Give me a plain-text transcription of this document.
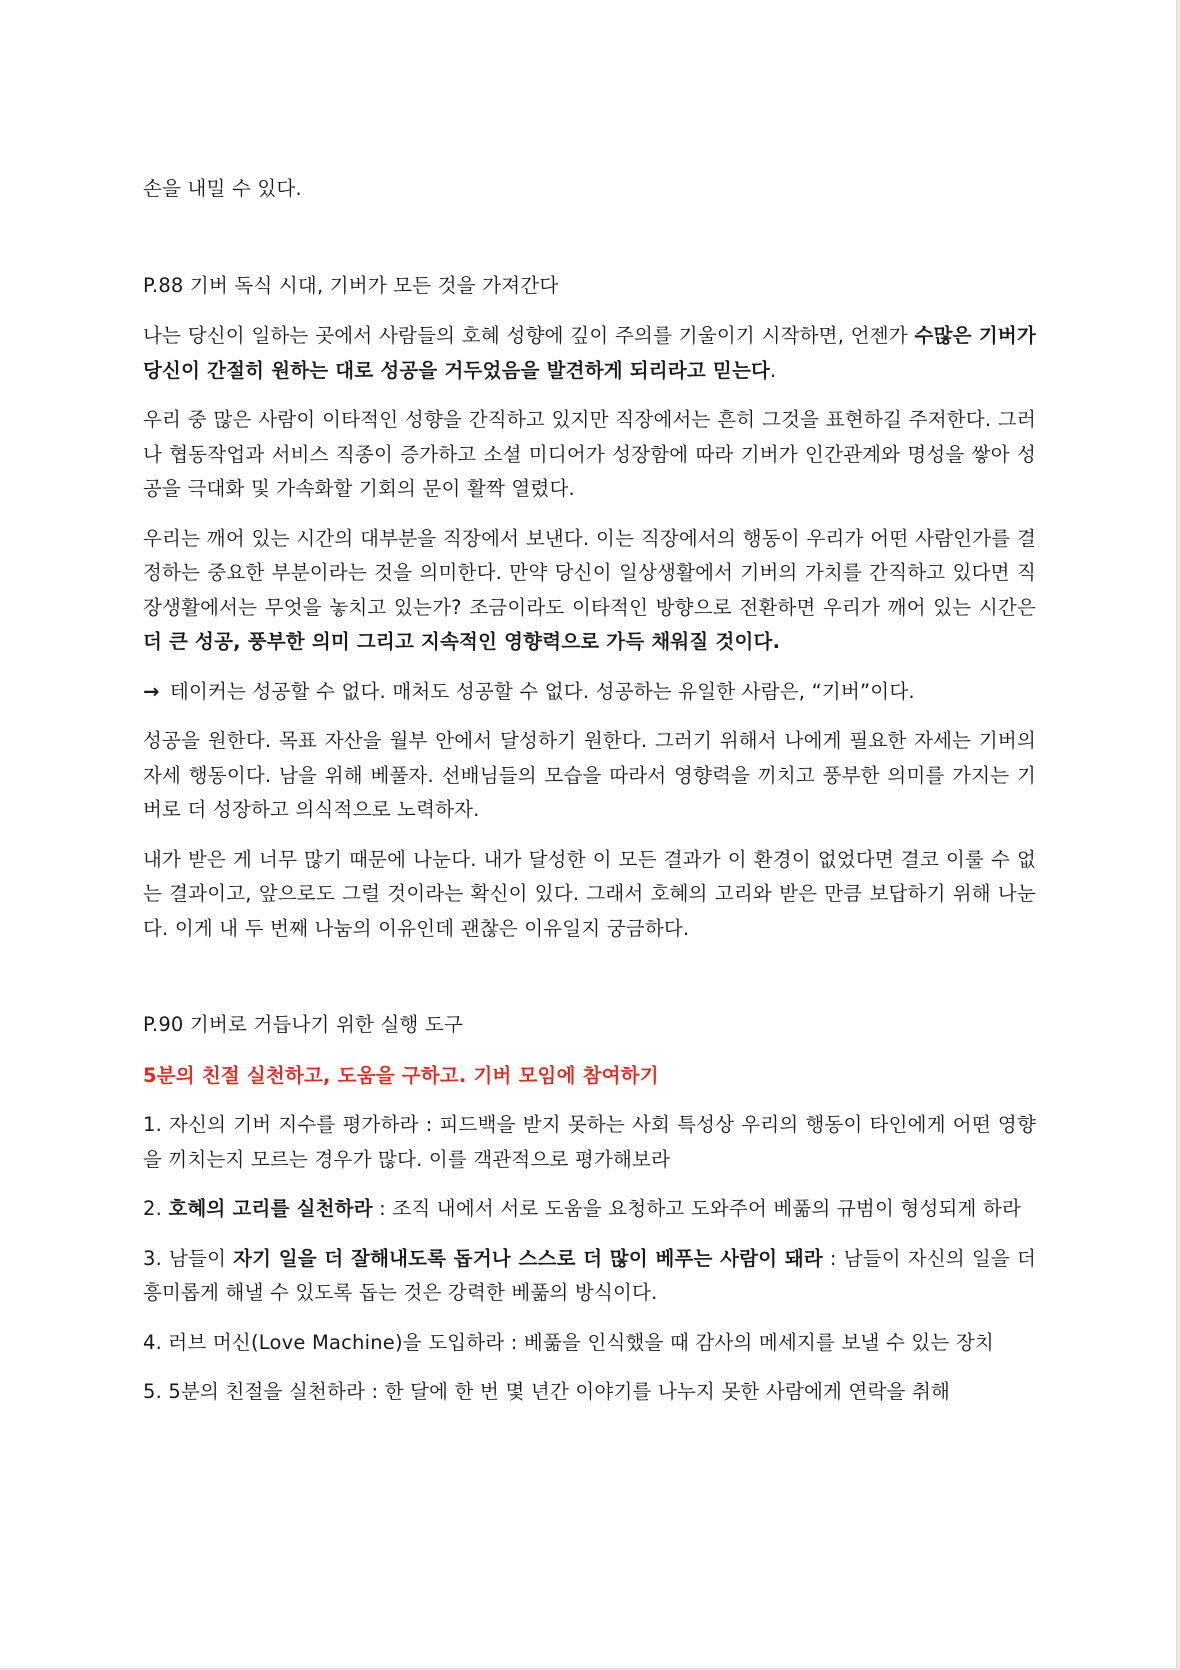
손을 내밀 수 있다.

P.88 기버 독식 시대, 기버가 모든 것을 가져간다

나는 당신이 일하는 곳에서 사람들의 호혜 성향에 깊이 주의를 기울이기 시작하면, 언젠가 수많은 기버가 당신이 간절히 원하는 대로 성공을 거두었음을 발견하게 되리라고 믿는다.

우리 중 많은 사람이 이타적인 성향을 간직하고 있지만 직장에서는 흔히 그것을 표현하길 주저한다. 그러나 협동작업과 서비스 직종이 증가하고 소셜 미디어가 성장함에 따라 기버가 인간관계와 명성을 쌓아 성공을 극대화 및 가속화할 기회의 문이 활짝 열렸다.

우리는 깨어 있는 시간의 대부분을 직장에서 보낸다. 이는 직장에서의 행동이 우리가 어떤 사람인가를 결정하는 중요한 부분이라는 것을 의미한다. 만약 당신이 일상생활에서 기버의 가치를 간직하고 있다면 직장생활에서는 무엇을 놓치고 있는가? 조금이라도 이타적인 방향으로 전환하면 우리가 깨어 있는 시간은 더 큰 성공, 풍부한 의미 그리고 지속적인 영향력으로 가득 채워질 것이다.

→ 테이커는 성공할 수 없다. 매처도 성공할 수 없다. 성공하는 유일한 사람은, “기버”이다.

성공을 원한다. 목표 자산을 월부 안에서 달성하기 원한다. 그러기 위해서 나에게 필요한 자세는 기버의 자세 행동이다. 남을 위해 베풀자. 선배님들의 모습을 따라서 영향력을 끼치고 풍부한 의미를 가지는 기버로 더 성장하고 의식적으로 노력하자.

내가 받은 게 너무 많기 때문에 나눈다. 내가 달성한 이 모든 결과가 이 환경이 없었다면 결코 이룰 수 없는 결과이고, 앞으로도 그럴 것이라는 확신이 있다. 그래서 호혜의 고리와 받은 만큼 보답하기 위해 나눈다. 이게 내 두 번째 나눔의 이유인데 괜찮은 이유일지 궁금하다.

P.90 기버로 거듭나기 위한 실행 도구

5분의 친절 실천하고, 도움을 구하고. 기버 모임에 참여하기

1. 자신의 기버 지수를 평가하라 : 피드백을 받지 못하는 사회 특성상 우리의 행동이 타인에게 어떤 영향을 끼치는지 모르는 경우가 많다. 이를 객관적으로 평가해보라

2. 호혜의 고리를 실천하라 : 조직 내에서 서로 도움을 요청하고 도와주어 베풂의 규범이 형성되게 하라

3. 남들이 자기 일을 더 잘해내도록 돕거나 스스로 더 많이 베푸는 사람이 돼라 : 남들이 자신의 일을 더 흥미롭게 해낼 수 있도록 돕는 것은 강력한 베풂의 방식이다.

4. 러브 머신(Love Machine)을 도입하라 : 베풂을 인식했을 때 감사의 메세지를 보낼 수 있는 장치

5. 5분의 친절을 실천하라 : 한 달에 한 번 몇 년간 이야기를 나누지 못한 사람에게 연락을 취해
